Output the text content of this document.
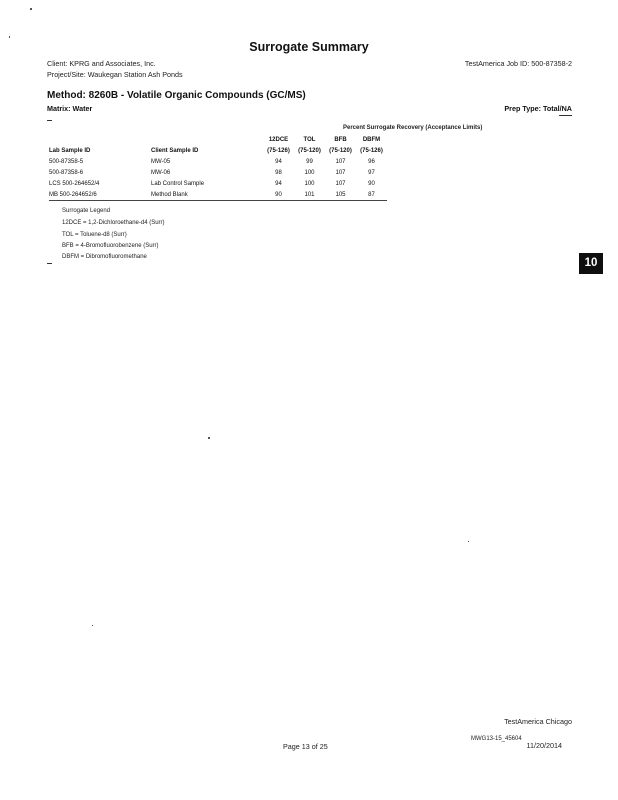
Surrogate Summary
Client: KPRG and Associates, Inc.
Project/Site: Waukegan Station Ash Ponds
TestAmerica Job ID: 500-87358-2
Method: 8260B - Volatile Organic Compounds (GC/MS)
Matrix: Water	Prep Type: Total/NA
Percent Surrogate Recovery (Acceptance Limits)
		12DCE	TOL	BFB	DBFM
Lab Sample ID	Client Sample ID	(75-126)	(75-120)	(75-120)	(75-126)
500-87358-5	MW-05	94	99	107	96
500-87358-6	MW-06	98	100	107	97
LCS 500-264652/4	Lab Control Sample	94	100	107	90
MB 500-264652/6	Method Blank	90	101	105	87
Surrogate Legend
12DCE = 1,2-Dichloroethane-d4 (Surr)
TOL = Toluene-d8 (Surr)
BFB = 4-Bromofluorobenzene (Surr)
DBFM = Dibromofluoromethane	10
TestAmerica Chicago
Page 13 of 25
MWG13-15_45604
11/20/2014
